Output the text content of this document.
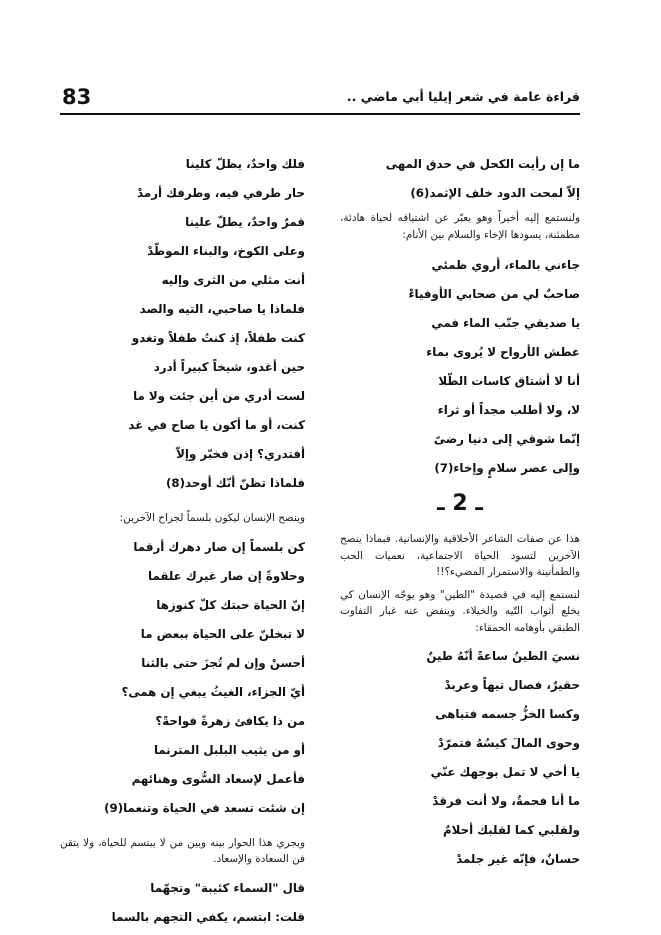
83	قراءة عامة في شعر إيليا أبي ماضي ..
ما إن رأيت الكحل في حدق المهى
إلاّ لمحت الدود خلف الإثمد(6)
ولنستمع إليه أخيراً وهو يعبّر عن اشتياقه لحياة هادئة، مطمئنة، يسودها الإخاء والسلام بين الأنام:
جاءني بالماء، أروي ظمئي
صاحبٌ لي من صحابي الأوفياءْ
يا صديقي جنّب الماء فمي
عطش الأرواح لا يُروى بماء
أنا لا أشتاق كاسات الطّلا
لا، ولا أطلب مجداً أو ثراء
إنّما شوقي إلى دنيا رضىً
وإلى عصر سلامٍ وإخاء(7)
ـ 2 ـ
هذا عن صفات الشاعر الأخلاقية والإنسانية. فبماذا ينصح الآخرين لتسود الحياة الاجتماعية، نعميات الحب والطمأنينة والاستمرار المضيء؟!!
لنستمع إليه في قصيدة "الطين" وهو يوجّه الإنسان كي يخلع أثواب التّيه والخيلاء. وينفض عنه غبار التفاوت الطبقي بأوهامه الحمقاء:
نسيَ الطينُ ساعةً أنّهُ طينٌ
حقيرٌ، فصال تيهاً وعربدْ
وكسا الخزُّ جسمه فتباهى
وحوى المالَ كيسُهُ فتمرّدْ
يا أخي لا تمل بوجهك عنّي
ما أنا فحمةٌ، ولا أنت فرقدْ
ولقلبي كما لقلبك أحلامٌ
حسانٌ، فإنّه غير جلمدْ
فلك واحدٌ، يظلّ كلينا
حار طرفي فيه، وطرفك أرمدْ
قمرٌ واحدٌ، يطلّ علينا
وعلى الكوخ، والبناء الموطّدْ
أنت مثلي من الثرى وإليه
فلماذا يا صاحبي، التيه والصد
كنت طفلاً، إذ كنتُ طفلاً وتغدو
حين أغدو، شيخاً كبيراً أدرد
لست أدري من أين جئت ولا ما
كنت، أو ما أكون يا صاح في غد
أفتدري؟ إذن فخبّر وإلاّ
فلماذا تظنّ أنّك أوحد(8)
وينصح الإنسان ليكون بلسماً لجراح الآخرين:
كن بلسماً إن صار دهرك أرقما
وحلاوةً إن صار غيرك علقما
إنّ الحياة حبتك كلّ كنوزها
لا تبخلنّ على الحياة ببعض ما
أحسنْ وإن لم تُجزَ حتى بالثنا
أيّ الجزاء، الغيثُ يبغي إن همى؟
من ذا يكافئ زهرةً فواحةً؟
أو من يثيب البلبل المترنما
فأعمل لإسعاد السُّوى وهنائهم
إن شئت تسعد في الحياة وتنعما(9)
ويجري هذا الحوار بينه وبين من لا يبتسم للحياة، ولا يتقن فن السعادة والإسعاد.
قال "السماء كئيبة" وتجهّما
قلت: ابتسم، يكفي التجهم بالسما
